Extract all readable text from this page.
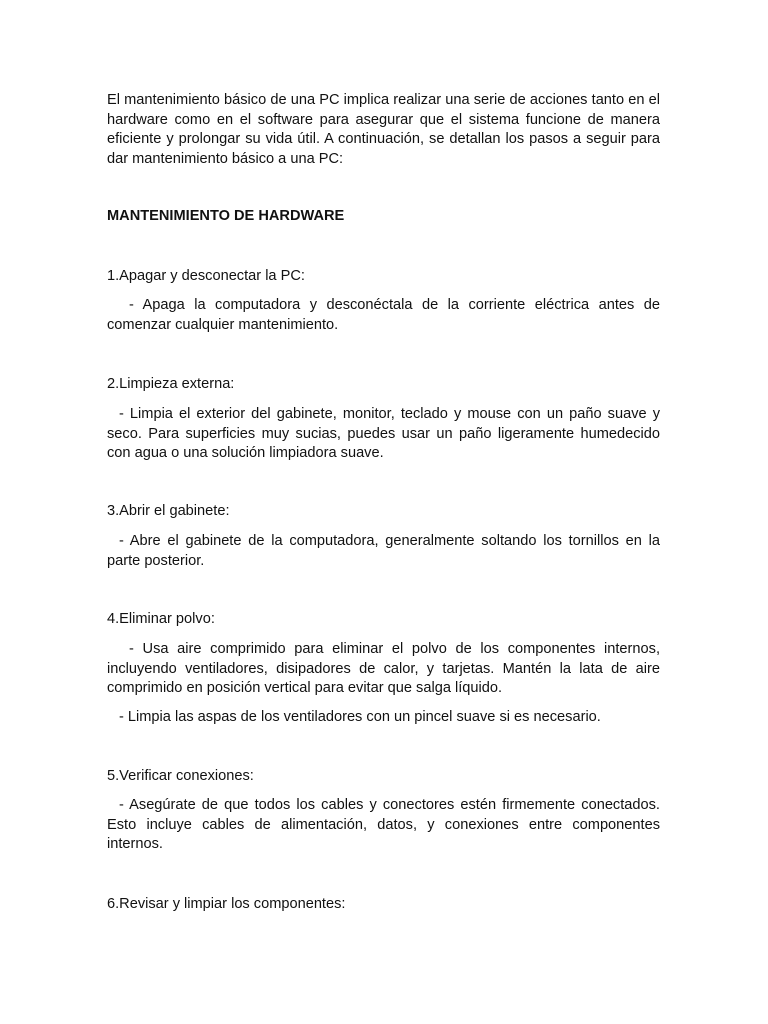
El mantenimiento básico de una PC implica realizar una serie de acciones tanto en el hardware como en el software para asegurar que el sistema funcione de manera eficiente y prolongar su vida útil. A continuación, se detallan los pasos a seguir para dar mantenimiento básico a una PC:

MANTENIMIENTO DE HARDWARE

1.Apagar y desconectar la PC:

- Apaga la computadora y desconéctala de la corriente eléctrica antes de comenzar cualquier mantenimiento.

2.Limpieza externa:

- Limpia el exterior del gabinete, monitor, teclado y mouse con un paño suave y seco. Para superficies muy sucias, puedes usar un paño ligeramente humedecido con agua o una solución limpiadora suave.

3.Abrir el gabinete:

- Abre el gabinete de la computadora, generalmente soltando los tornillos en la parte posterior.

4.Eliminar polvo:

- Usa aire comprimido para eliminar el polvo de los componentes internos, incluyendo ventiladores, disipadores de calor, y tarjetas. Mantén la lata de aire comprimido en posición vertical para evitar que salga líquido.

- Limpia las aspas de los ventiladores con un pincel suave si es necesario.

5.Verificar conexiones:

- Asegúrate de que todos los cables y conectores estén firmemente conectados. Esto incluye cables de alimentación, datos, y conexiones entre componentes internos.

6.Revisar y limpiar los componentes:
